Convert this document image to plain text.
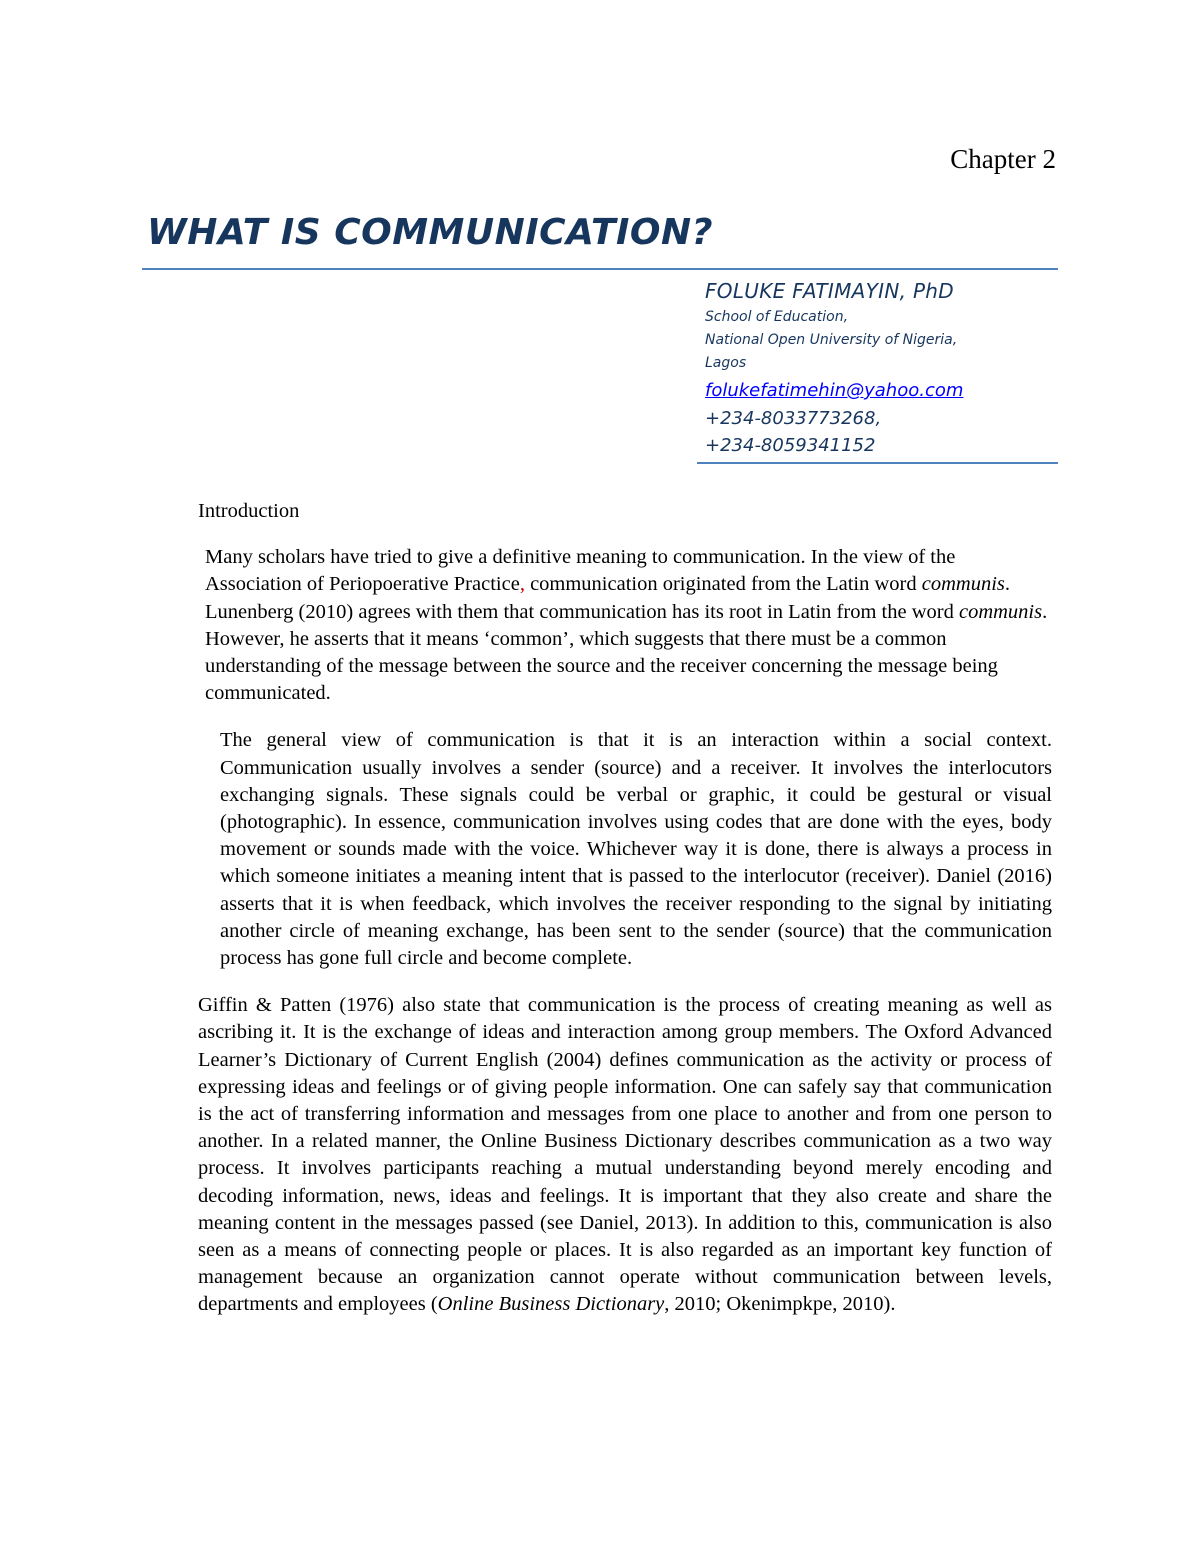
Chapter 2
WHAT IS COMMUNICATION?
FOLUKE FATIMAYIN, PhD
School of Education,
National Open University of Nigeria,
Lagos
folukefatimehin@yahoo.com
+234-8033773268,
+234-8059341152

Introduction

Many scholars have tried to give a definitive meaning to communication. In the view of the Association of Periopoerative Practice, communication originated from the Latin word communis. Lunenberg (2010) agrees with them that communication has its root in Latin from the word communis. However, he asserts that it means ‘common’, which suggests that there must be a common understanding of the message between the source and the receiver concerning the message being communicated.

The general view of communication is that it is an interaction within a social context. Communication usually involves a sender (source) and a receiver. It involves the interlocutors exchanging signals. These signals could be verbal or graphic, it could be gestural or visual (photographic). In essence, communication involves using codes that are done with the eyes, body movement or sounds made with the voice. Whichever way it is done, there is always a process in which someone initiates a meaning intent that is passed to the interlocutor (receiver). Daniel (2016) asserts that it is when feedback, which involves the receiver responding to the signal by initiating another circle of meaning exchange, has been sent to the sender (source) that the communication process has gone full circle and become complete.

Giffin & Patten (1976) also state that communication is the process of creating meaning as well as ascribing it. It is the exchange of ideas and interaction among group members. The Oxford Advanced Learner’s Dictionary of Current English (2004) defines communication as the activity or process of expressing ideas and feelings or of giving people information. One can safely say that communication is the act of transferring information and messages from one place to another and from one person to another. In a related manner, the Online Business Dictionary describes communication as a two way process. It involves participants reaching a mutual understanding beyond merely encoding and decoding information, news, ideas and feelings. It is important that they also create and share the meaning content in the messages passed (see Daniel, 2013). In addition to this, communication is also seen as a means of connecting people or places. It is also regarded as an important key function of management because an organization cannot operate without communication between levels, departments and employees (Online Business Dictionary, 2010; Okenimpkpe, 2010).
